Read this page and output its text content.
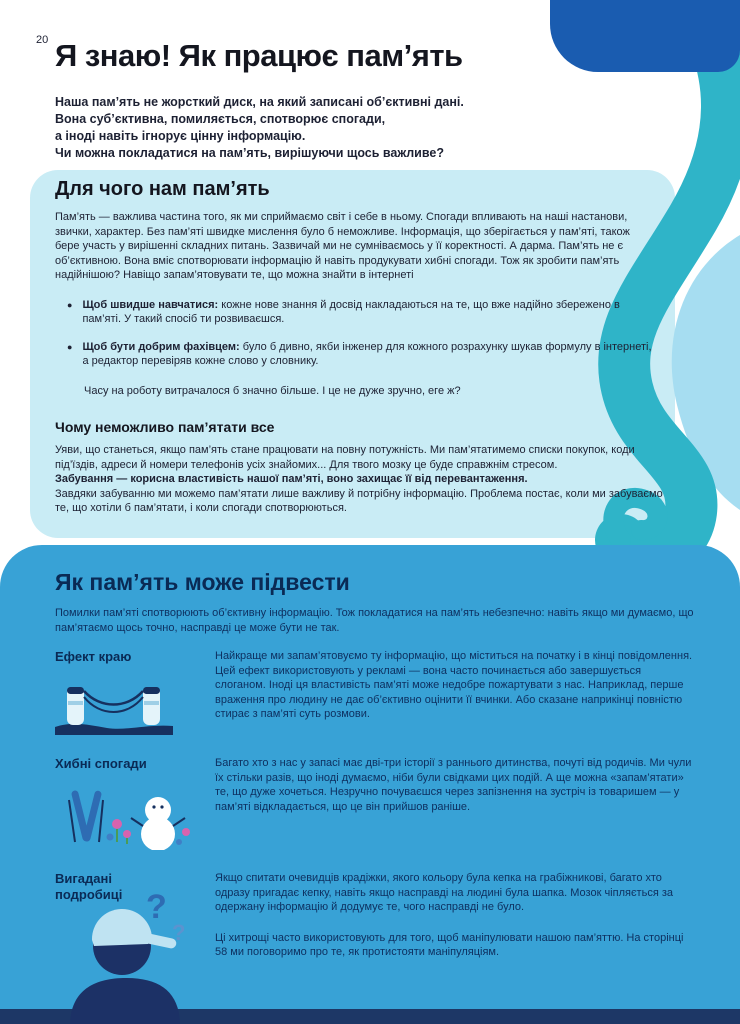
20 Я знаю! Як працює пам’ять
Наша пам’ять не жорсткий диск, на який записані об’єктивні дані.
Вона суб’єктивна, помиляється, спотворює спогади,
а іноді навіть ігнорує цінну інформацію.
Чи можна покладатися на пам’ять, вирішуючи щось важливе?
Для чого нам пам’ять

Пам’ять — важлива частина того, як ми сприймаємо світ і себе в ньому. Спогади впливають на наші настанови, звички, характер. Без пам’яті швидке мислення було б неможливе. Інформація, що зберігається у пам’яті, також бере участь у вирішенні складних питань. Зазвичай ми не сумніваємось у її коректності. А дарма. Пам’ять не є об’єктивною. Вона вміє спотворювати інформацію й навіть продукувати хибні спогади. Тож як зробити пам’ять надійнішою? Навіщо запам’ятовувати те, що можна знайти в інтернеті

● Щоб швидше навчатися: кожне нове знання й досвід накладаються на те, що вже надійно збережено в пам’яті. У такий спосіб ти розвиваєшся.

● Щоб бути добрим фахівцем: було б дивно, якби інженер для кожного розрахунку шукав формулу в інтернеті, а редактор перевіряв кожне слово у словнику.

Часу на роботу витрачалося б значно більше. І це не дуже зручно, еге ж?

Чому неможливо пам’ятати все

Уяви, що станеться, якщо пам’ять стане працювати на повну потужність. Ми пам’ятатимемо списки покупок, коди під’їздів, адреси й номери телефонів усіх знайомих... Для твого мозку це буде справжнім стресом.

Забування — корисна властивість нашої пам’яті, воно захищає її від перевантаження.

Завдяки забуванню ми можемо пам’ятати лише важливу й потрібну інформацію. Проблема постає, коли ми забуваємо те, що хотіли б пам’ятати, і коли спогади спотворюються.

Як пам’ять може підвести

Помилки пам’яті спотворюють об’єктивну інформацію. Тож покладатися на пам’ять небезпечно: навіть якщо ми думаємо, що пам’ятаємо щось точно, насправді це може бути не так.

Ефект краю	Найкраще ми запам’ятовуємо ту інформацію, що міститься на початку і в кінці повідомлення. Цей ефект використовують у рекламі — вона часто починається або завершується слоганом. Іноді ця властивість пам’яті може недобре пожартувати з нас. Наприклад, перше враження про людину не дає об’єктивно оцінити її вчинки. Або сказане наприкінці повністю стирає з пам’яті суть розмови.

Хибні спогади	Багато хто з нас у запасі має дві-три історії з раннього дитинства, почуті від родичів. Ми чули їх стільки разів, що іноді думаємо, ніби були свідками цих подій. А ще можна «запам’ятати» те, що дуже хочеться. Незручно почуваєшся через запізнення на зустріч із товаришем — у пам’яті відкладається, що це він прийшов раніше.

Вигадані подробиці

Якщо спитати очевидців крадіжки, якого кольору була кепка на грабіжникові, багато хто одразу пригадає кепку, навіть якщо насправді на людині була шапка. Мозок чіпляється за одержану інформацію й додумує те, чого насправді не було.

Ці хитрощі часто використовують для того, щоб маніпулювати нашою пам’яттю. На сторінці 58 ми поговоримо про те, як протистояти маніпуляціям.

?
?
